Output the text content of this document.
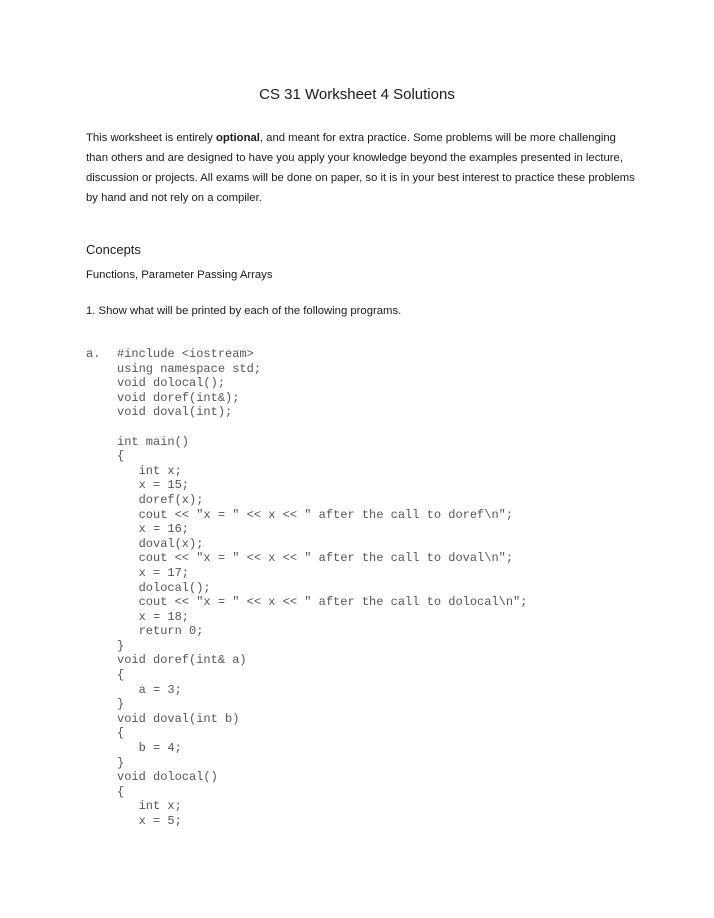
CS 31 Worksheet 4 Solutions
This worksheet is entirely optional, and meant for extra practice. Some problems will be more challenging than others and are designed to have you apply your knowledge beyond the examples presented in lecture, discussion or projects. All exams will be done on paper, so it is in your best interest to practice these problems by hand and not rely on a compiler.
Concepts
Functions, Parameter Passing Arrays
1. Show what will be printed by each of the following programs.
a. #include <iostream>
using namespace std;
void dolocal();
void doref(int&);
void doval(int);
int main()
{
int x;
x = 15;
doref(x);
cout << "x = " << x << " after the call to doref\n";
x = 16;
doval(x);
cout << "x = " << x << " after the call to doval\n";
x = 17;
dolocal();
cout << "x = " << x << " after the call to dolocal\n";
x = 18;
return 0;
}
void doref(int& a)
{
a = 3;
}
void doval(int b)
{
b = 4;
}
void dolocal()
{
int x;
x = 5;
